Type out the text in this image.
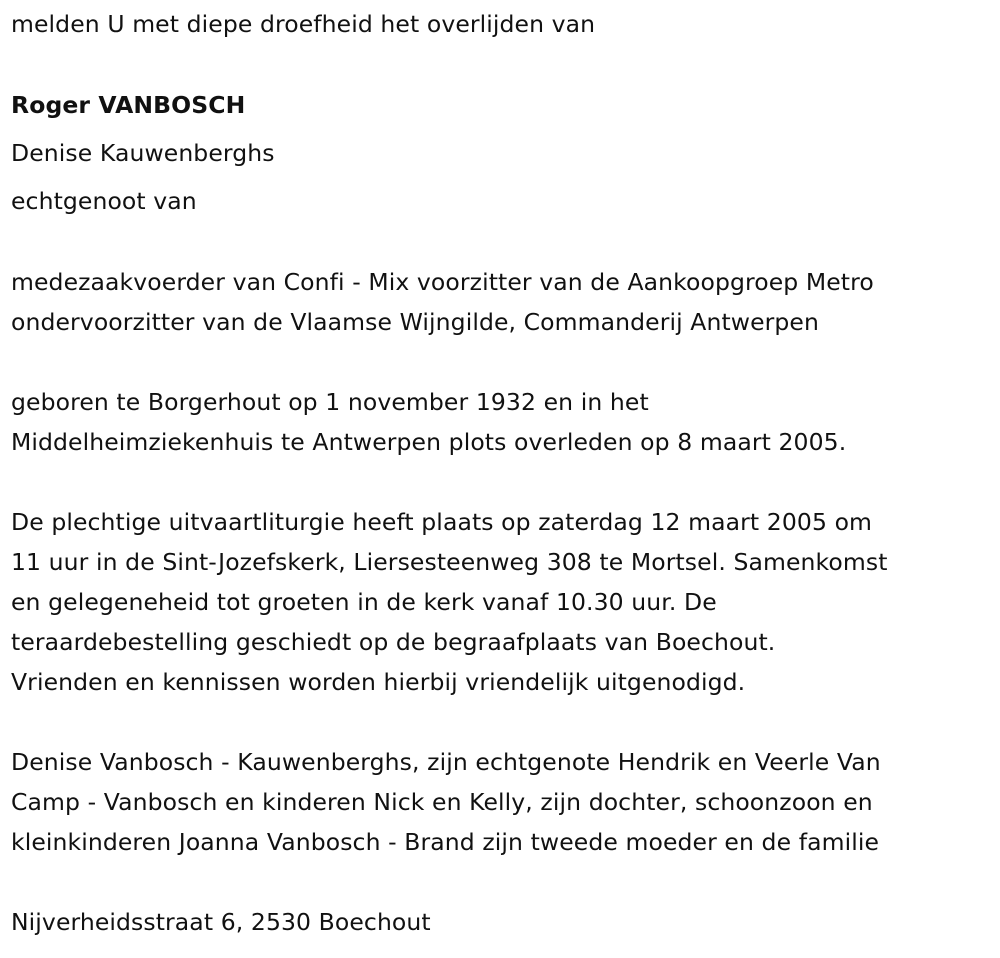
melden U met diepe droefheid het overlijden van
Roger VANBOSCH
Denise Kauwenberghs
echtgenoot van
medezaakvoerder van Confi - Mix voorzitter van de Aankoopgroep Metro
ondervoorzitter van de Vlaamse Wijngilde, Commanderij Antwerpen
geboren te Borgerhout op 1 november 1932 en in het
Middelheimziekenhuis te Antwerpen plots overleden op 8 maart 2005.
De plechtige uitvaartliturgie heeft plaats op zaterdag 12 maart 2005 om
11 uur in de Sint-Jozefskerk, Liersesteenweg 308 te Mortsel. Samenkomst
en gelegeneheid tot groeten in de kerk vanaf 10.30 uur. De
teraardebestelling geschiedt op de begraafplaats van Boechout.
Vrienden en kennissen worden hierbij vriendelijk uitgenodigd.
Denise Vanbosch - Kauwenberghs, zijn echtgenote Hendrik en Veerle Van
Camp - Vanbosch en kinderen Nick en Kelly, zijn dochter, schoonzoon en
kleinkinderen Joanna Vanbosch - Brand zijn tweede moeder en de familie
Nijverheidsstraat 6, 2530 Boechout
